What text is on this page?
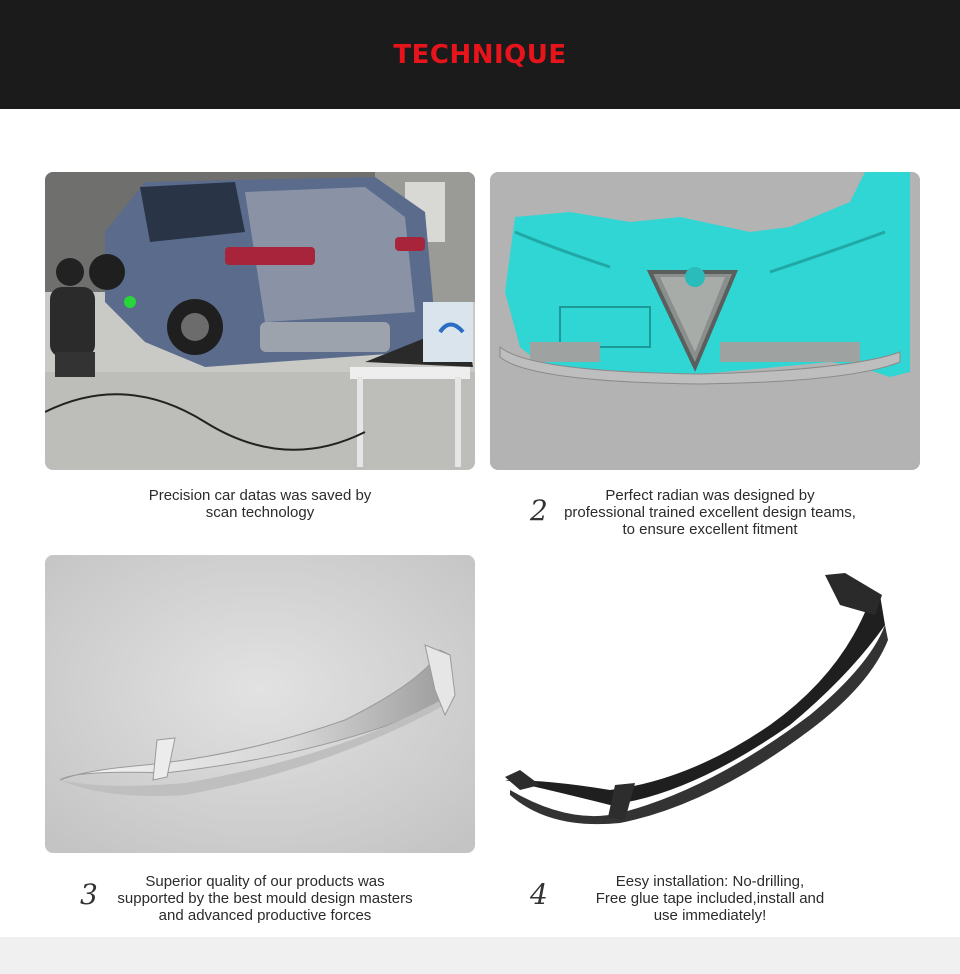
TECHNIQUE
Precision car datas was saved by
scan technology	2	Perfect radian was designed by
professional trained excellent design teams,
to ensure excellent fitment
3	Superior quality of our products was
supported by the best mould design masters
and advanced productive forces
4	Eesy installation: No-drilling,
Free glue tape included,install and
use immediately!
